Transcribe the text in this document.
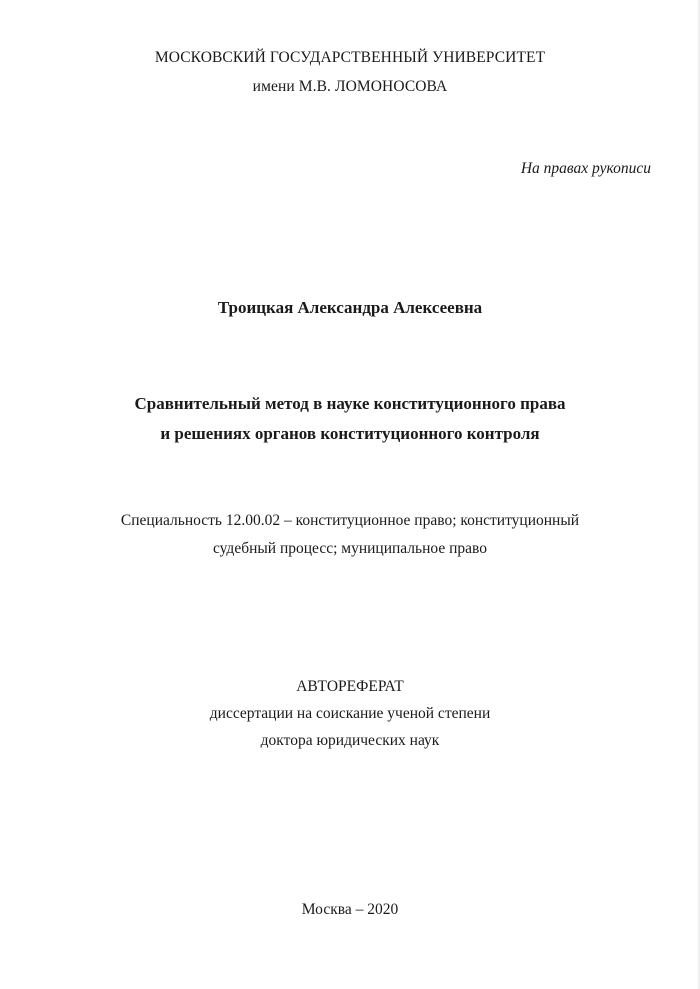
МОСКОВСКИЙ ГОСУДАРСТВЕННЫЙ УНИВЕРСИТЕТ
имени М.В. ЛОМОНОСОВА
На правах рукописи
Троицкая Александра Алексеевна
Сравнительный метод в науке конституционного права
и решениях органов конституционного контроля
Специальность 12.00.02 – конституционное право; конституционный
судебный процесс; муниципальное право
АВТОРЕФЕРАТ
диссертации на соискание ученой степени
доктора юридических наук
Москва – 2020
